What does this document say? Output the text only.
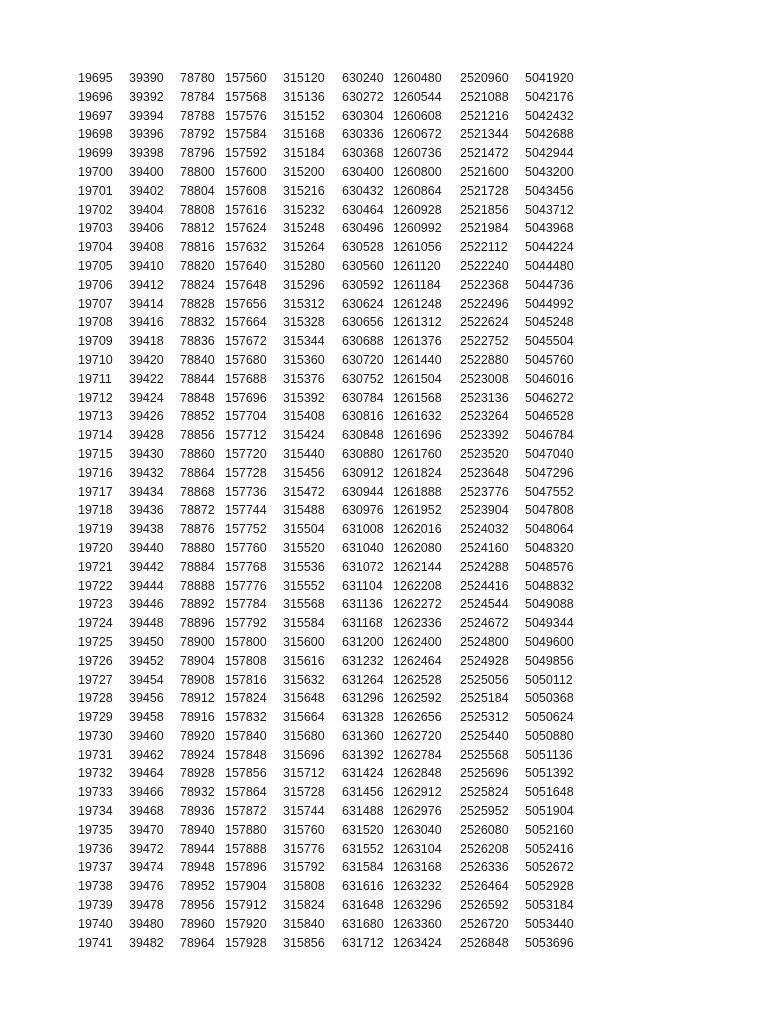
19695 39390 78780 157560 315120 630240 1260480 2520960 5041920
19696 39392 78784 157568 315136 630272 1260544 2521088 5042176
19697 39394 78788 157576 315152 630304 1260608 2521216 5042432
19698 39396 78792 157584 315168 630336 1260672 2521344 5042688
19699 39398 78796 157592 315184 630368 1260736 2521472 5042944
19700 39400 78800 157600 315200 630400 1260800 2521600 5043200
19701 39402 78804 157608 315216 630432 1260864 2521728 5043456
19702 39404 78808 157616 315232 630464 1260928 2521856 5043712
19703 39406 78812 157624 315248 630496 1260992 2521984 5043968
19704 39408 78816 157632 315264 630528 1261056 2522112 5044224
19705 39410 78820 157640 315280 630560 1261120 2522240 5044480
19706 39412 78824 157648 315296 630592 1261184 2522368 5044736
19707 39414 78828 157656 315312 630624 1261248 2522496 5044992
19708 39416 78832 157664 315328 630656 1261312 2522624 5045248
19709 39418 78836 157672 315344 630688 1261376 2522752 5045504
19710 39420 78840 157680 315360 630720 1261440 2522880 5045760
19711 39422 78844 157688 315376 630752 1261504 2523008 5046016
19712 39424 78848 157696 315392 630784 1261568 2523136 5046272
19713 39426 78852 157704 315408 630816 1261632 2523264 5046528
19714 39428 78856 157712 315424 630848 1261696 2523392 5046784
19715 39430 78860 157720 315440 630880 1261760 2523520 5047040
19716 39432 78864 157728 315456 630912 1261824 2523648 5047296
19717 39434 78868 157736 315472 630944 1261888 2523776 5047552
19718 39436 78872 157744 315488 630976 1261952 2523904 5047808
19719 39438 78876 157752 315504 631008 1262016 2524032 5048064
19720 39440 78880 157760 315520 631040 1262080 2524160 5048320
19721 39442 78884 157768 315536 631072 1262144 2524288 5048576
19722 39444 78888 157776 315552 631104 1262208 2524416 5048832
19723 39446 78892 157784 315568 631136 1262272 2524544 5049088
19724 39448 78896 157792 315584 631168 1262336 2524672 5049344
19725 39450 78900 157800 315600 631200 1262400 2524800 5049600
19726 39452 78904 157808 315616 631232 1262464 2524928 5049856
19727 39454 78908 157816 315632 631264 1262528 2525056 5050112
19728 39456 78912 157824 315648 631296 1262592 2525184 5050368
19729 39458 78916 157832 315664 631328 1262656 2525312 5050624
19730 39460 78920 157840 315680 631360 1262720 2525440 5050880
19731 39462 78924 157848 315696 631392 1262784 2525568 5051136
19732 39464 78928 157856 315712 631424 1262848 2525696 5051392
19733 39466 78932 157864 315728 631456 1262912 2525824 5051648
19734 39468 78936 157872 315744 631488 1262976 2525952 5051904
19735 39470 78940 157880 315760 631520 1263040 2526080 5052160
19736 39472 78944 157888 315776 631552 1263104 2526208 5052416
19737 39474 78948 157896 315792 631584 1263168 2526336 5052672
19738 39476 78952 157904 315808 631616 1263232 2526464 5052928
19739 39478 78956 157912 315824 631648 1263296 2526592 5053184
19740 39480 78960 157920 315840 631680 1263360 2526720 5053440
19741 39482 78964 157928 315856 631712 1263424 2526848 5053696
